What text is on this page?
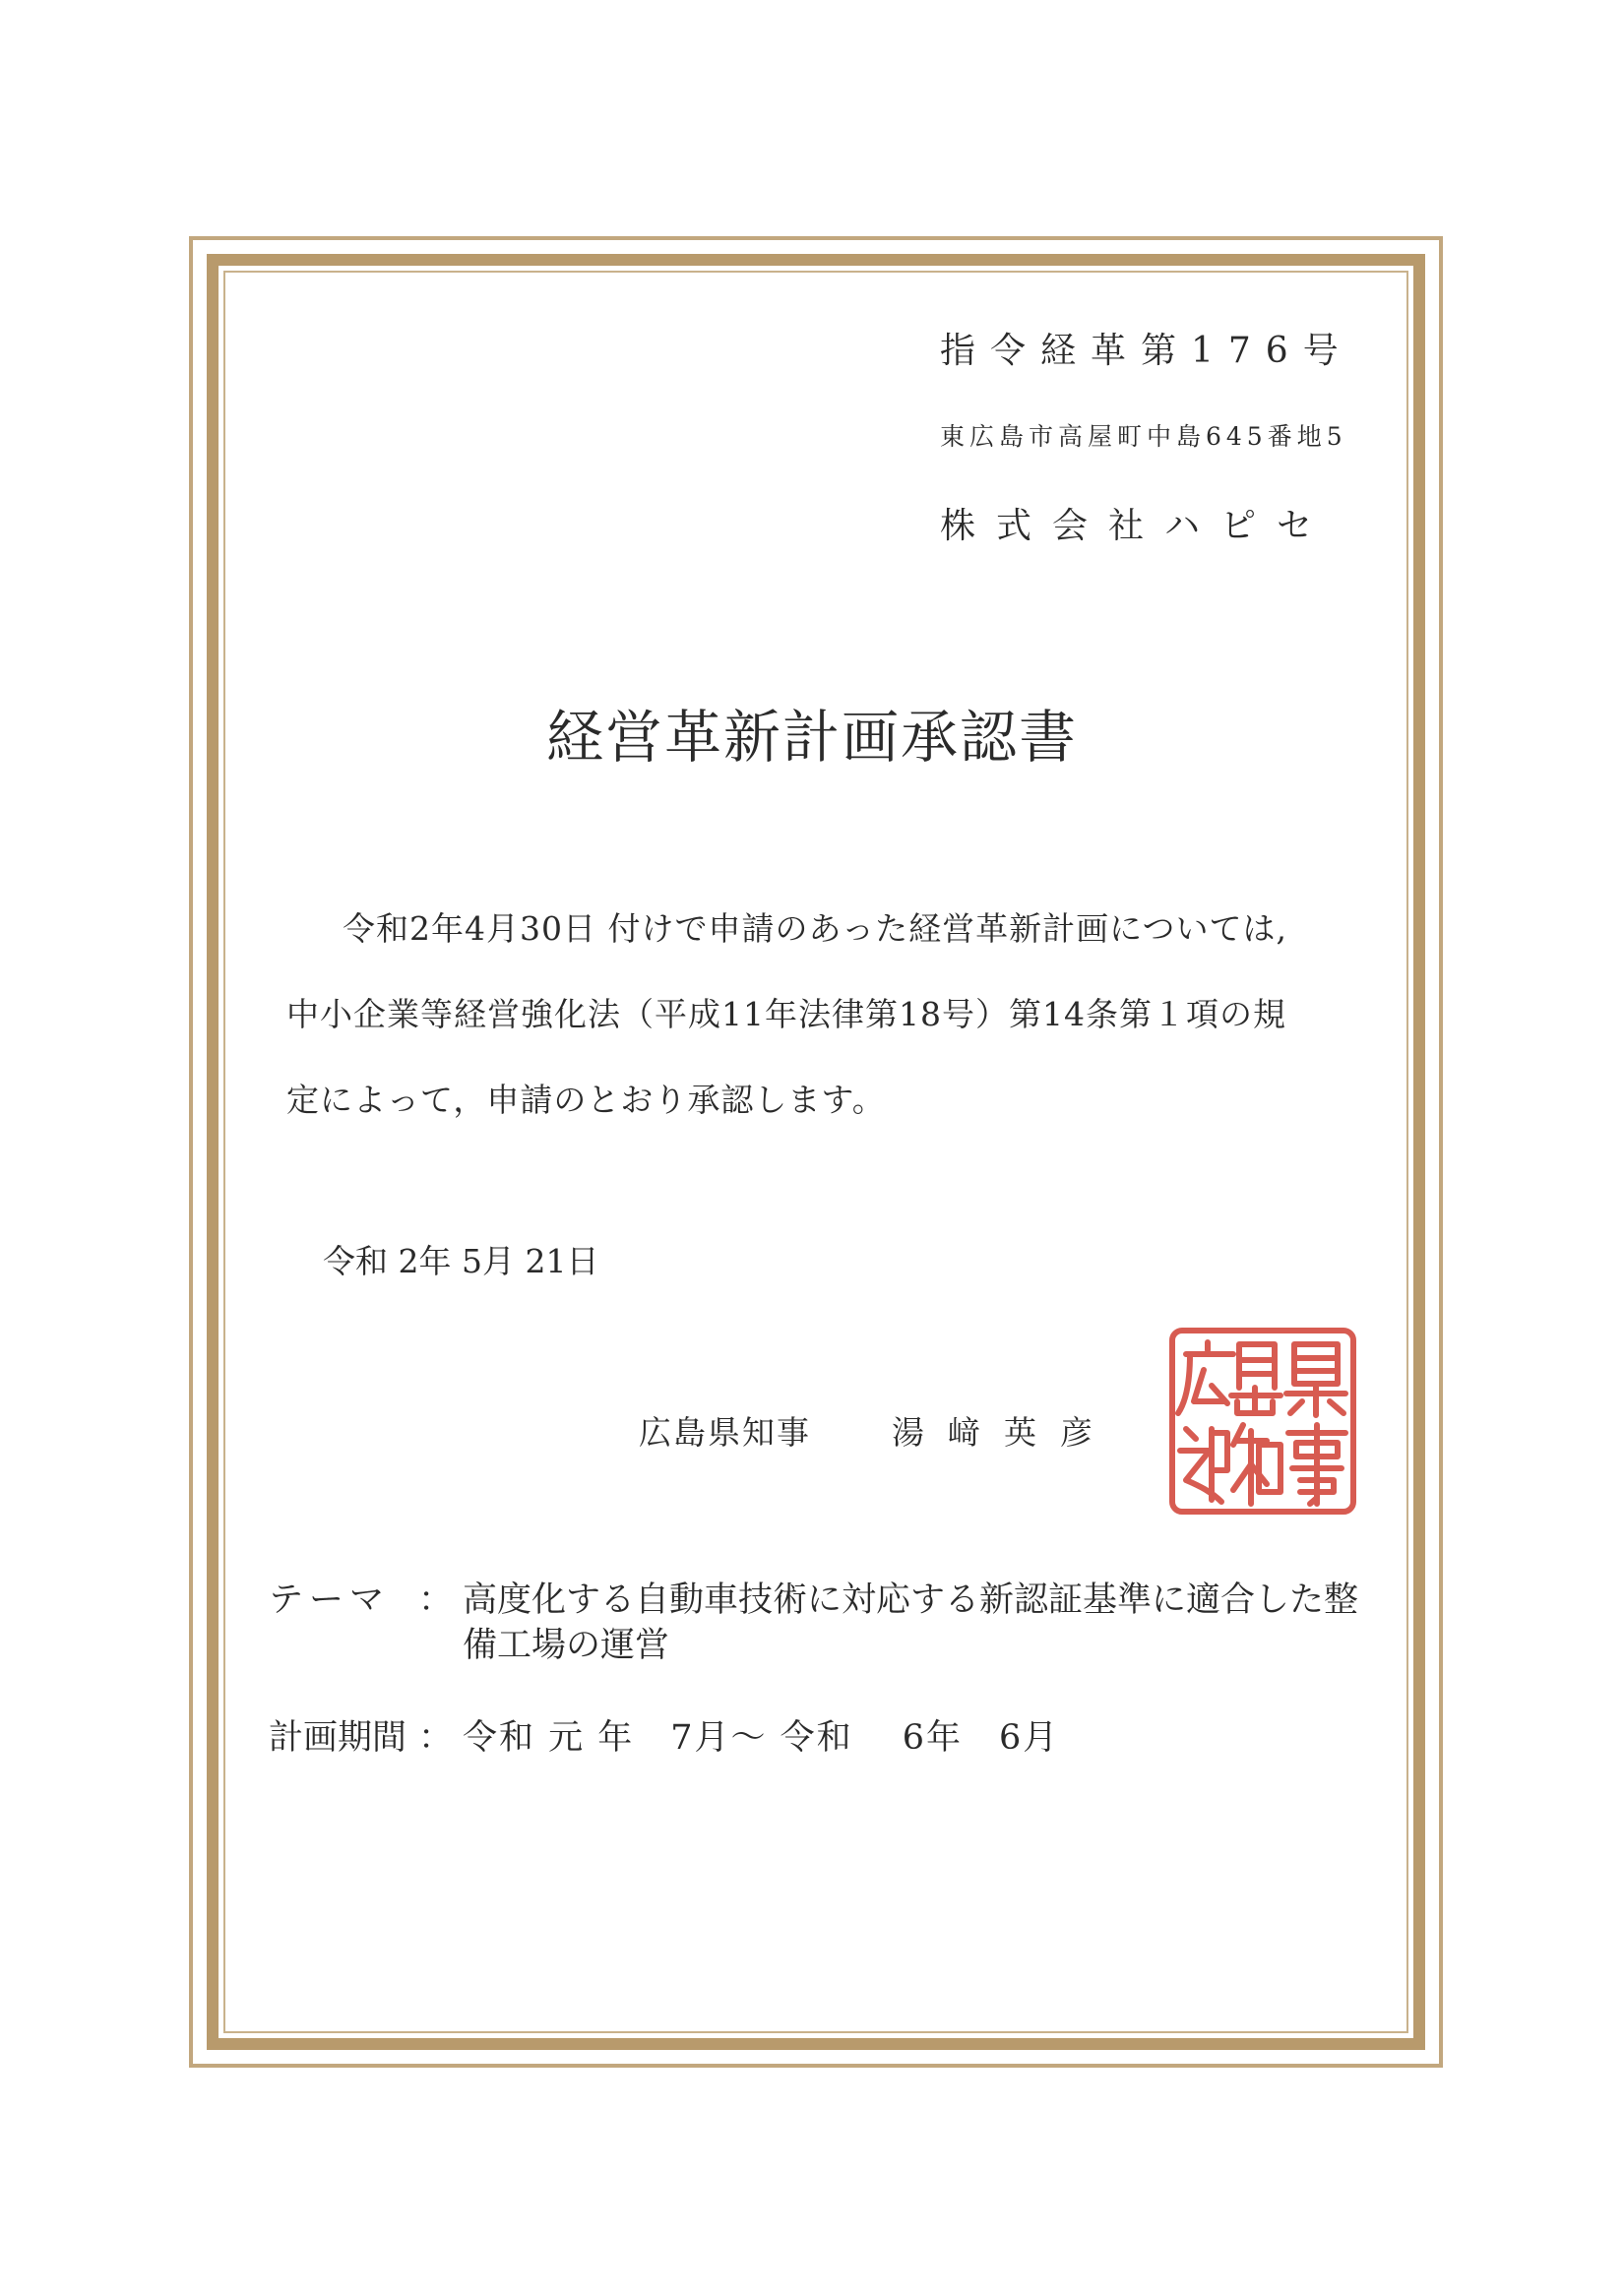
指令経革第176号
東広島市高屋町中島645番地5
株式会社ハピセ
経営革新計画承認書
令和2年4月30日 付けで申請のあった経営革新計画については,
中小企業等経営強化法（平成11年法律第18号）第14条第１項の規
定によって，申請のとおり承認します。
令和 2年 5月 21日
広島県知事 湯﨑英彦
テーマ ： 高度化する自動車技術に対応する新認証基準に適合した整
備工場の運営
計画期間 ： 令和 元 年　7月～ 令和　 6年　6月
